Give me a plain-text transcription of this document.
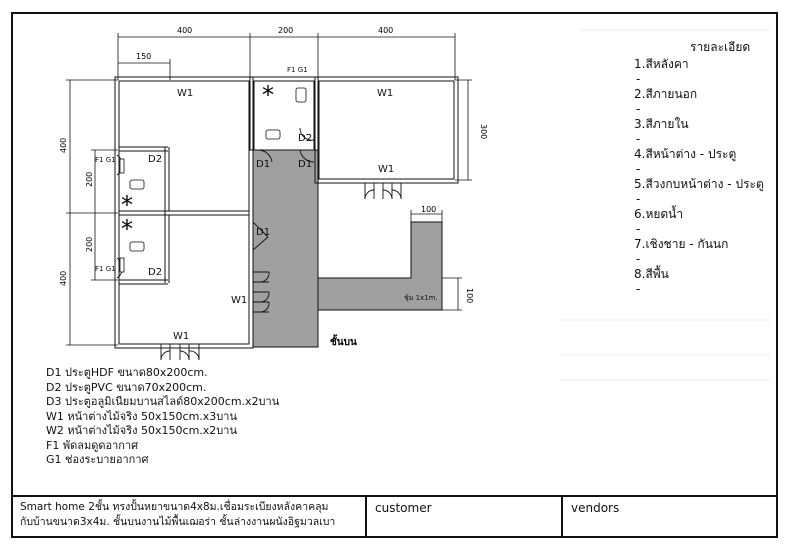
400	200	400
150
400
200
200
400
300
100
100
*
*
*
W1	W1
W1
W1
W1
D1	D1
D1
D2
D2
D2
F1 G1
F1 G1
F1 G1
ชุ้ม 1x1m.
ชั้นบน
รายละเอียด
1.สีหลังคา
-
2.สีภายนอก
-
3.สีภายใน
-
4.สีหน้าต่าง - ประตู
-
5.สีวงกบหน้าต่าง - ประตู
-
6.หยดน้ำ
-
7.เชิงชาย - กันนก
-
8.สีพื้น
-
D1 ประตูHDF ขนาด80x200cm.
D2 ประตูPVC ขนาด70x200cm.
D3 ประตูอลูมิเนียมบานสไลด์80x200cm.x2บาน
W1 หน้าต่างไม้จริง 50x150cm.x3บาน
W2 หน้าต่างไม้จริง 50x150cm.x2บาน
F1 พัดลมดูดอากาศ
G1 ช่องระบายอากาศ
Smart home 2ชั้น ทรงปั้นหยาขนาด4x8ม.เชื่อมระเบียงหลังคาคลุม
กับบ้านขนาด3x4ม. ชั้นบนงานไม้พื้นเฌอร่า ชั้นล่างงานผนังอิฐมวลเบา
customer	vendors
